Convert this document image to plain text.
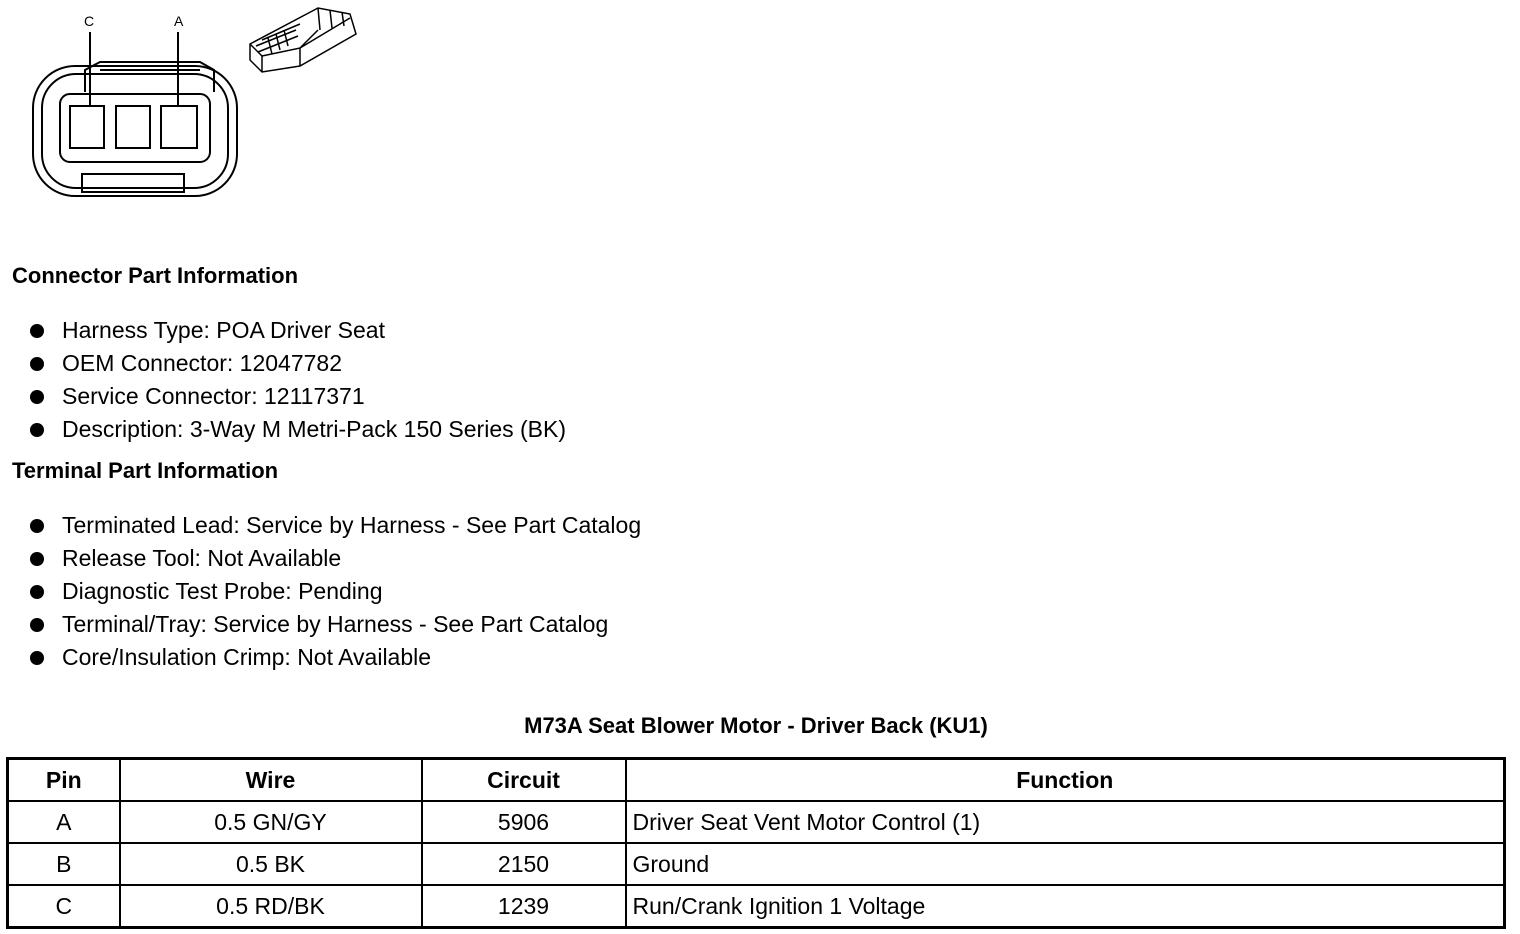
C	A
Connector Part Information
Harness Type: POA Driver Seat
OEM Connector: 12047782
Service Connector: 12117371
Description: 3-Way M Metri-Pack 150 Series (BK)
Terminal Part Information
Terminated Lead: Service by Harness - See Part Catalog
Release Tool: Not Available
Diagnostic Test Probe: Pending
Terminal/Tray: Service by Harness - See Part Catalog
Core/Insulation Crimp: Not Available
M73A Seat Blower Motor - Driver Back (KU1)
Pin	Wire	Circuit	Function
A	0.5 GN/GY	5906	Driver Seat Vent Motor Control (1)
B	0.5 BK	2150	Ground
C	0.5 RD/BK	1239	Run/Crank Ignition 1 Voltage
